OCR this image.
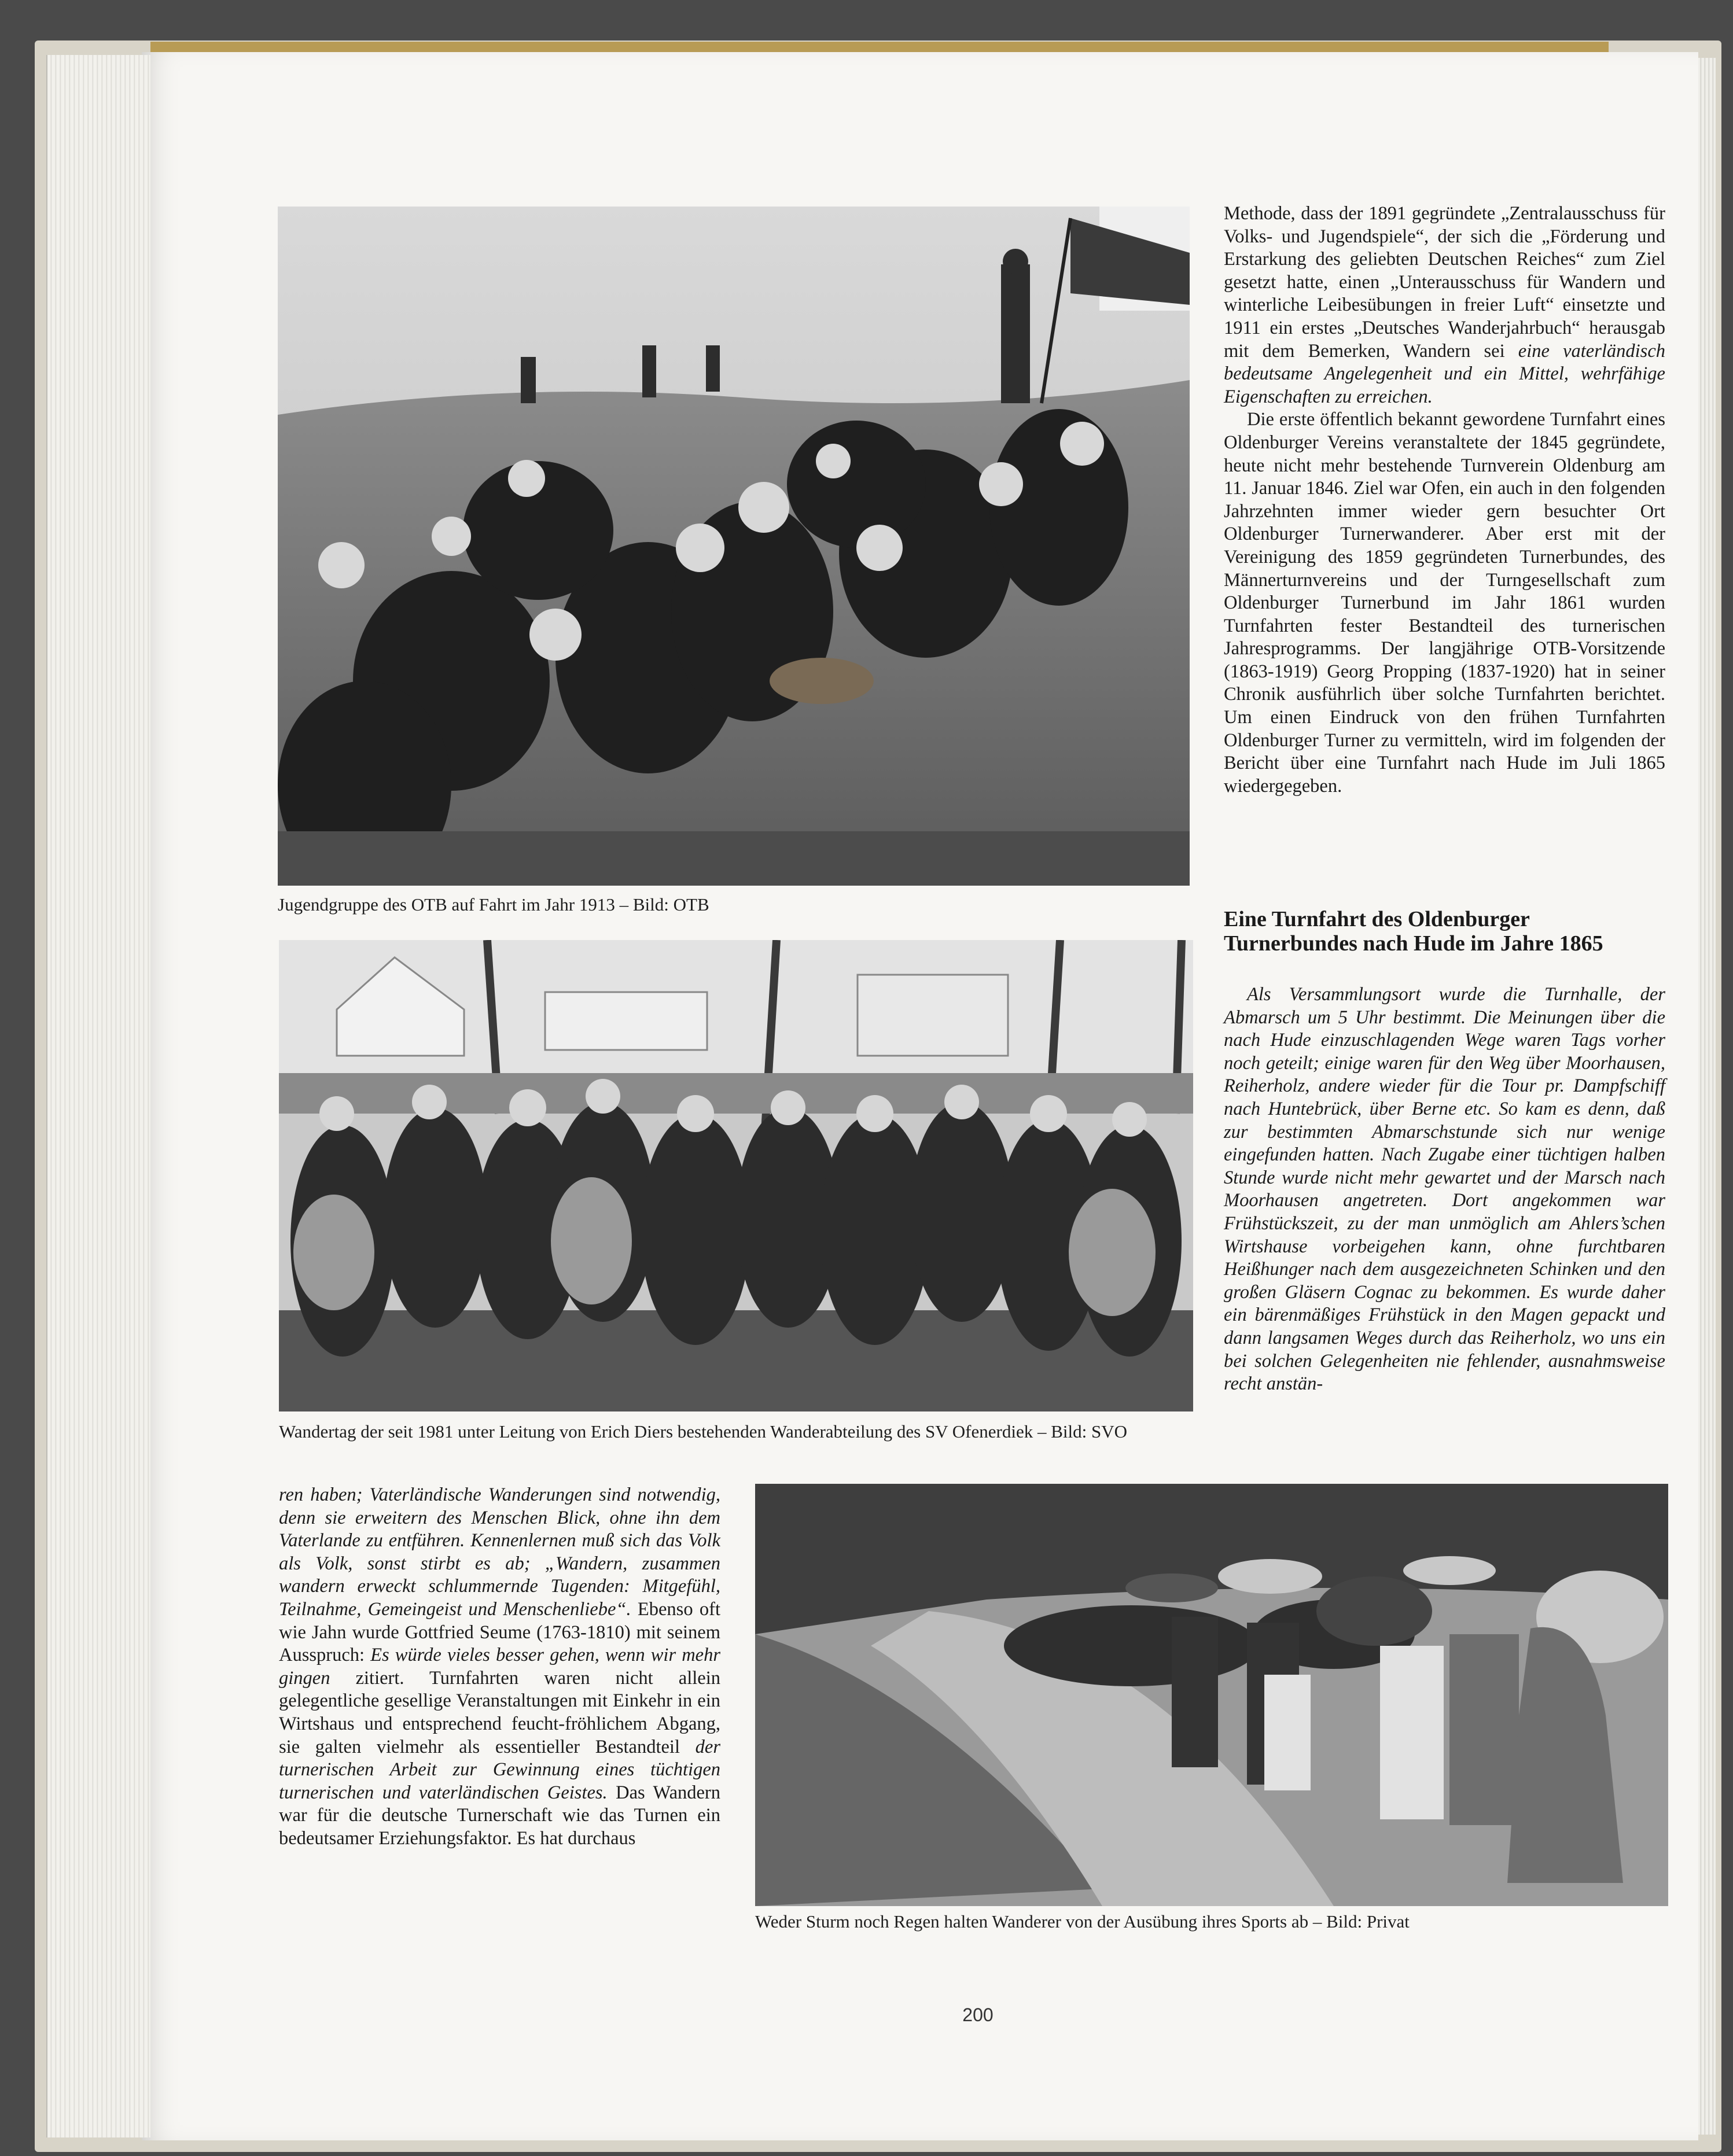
Jugendgruppe des OTB auf Fahrt im Jahr 1913 – Bild: OTB
Wandertag der seit 1981 unter Leitung von Erich Diers bestehenden Wanderabteilung des SV Ofenerdiek – Bild: SVO
Weder Sturm noch Regen halten Wanderer von der Ausübung ihres Sports ab – Bild: Privat

Methode, dass der 1891 gegründete „Zentralausschuss für Volks- und Jugendspiele“, der sich die „Förderung und Erstarkung des geliebten Deutschen Reiches“ zum Ziel gesetzt hatte, einen „Unterausschuss für Wandern und winterliche Leibesübungen in freier Luft“ einsetzte und 1911 ein erstes „Deutsches Wanderjahrbuch“ herausgab mit dem Bemerken, Wandern sei eine vaterländisch bedeutsame Angelegenheit und ein Mittel, wehrfähige Eigenschaften zu erreichen.

Die erste öffentlich bekannt gewordene Turnfahrt eines Oldenburger Vereins veranstaltete der 1845 gegründete, heute nicht mehr bestehende Turnverein Oldenburg am 11. Januar 1846. Ziel war Ofen, ein auch in den folgenden Jahrzehnten immer wieder gern besuchter Ort Oldenburger Turnerwanderer. Aber erst mit der Vereinigung des 1859 gegründeten Turnerbundes, des Männerturnvereins und der Turngesellschaft zum Oldenburger Turnerbund im Jahr 1861 wurden Turnfahrten fester Bestandteil des turnerischen Jahresprogramms. Der langjährige OTB-Vorsitzende (1863-1919) Georg Propping (1837-1920) hat in seiner Chronik ausführlich über solche Turnfahrten berichtet. Um einen Eindruck von den frühen Turnfahrten Oldenburger Turner zu vermitteln, wird im folgenden der Bericht über eine Turnfahrt nach Hude im Juli 1865 wiedergegeben.

Eine Turnfahrt des Oldenburger Turnerbundes nach Hude im Jahre 1865

Als Versammlungsort wurde die Turnhalle, der Abmarsch um 5 Uhr bestimmt. Die Meinungen über die nach Hude einzuschlagenden Wege waren Tags vorher noch geteilt; einige waren für den Weg über Moorhausen, Reiherholz, andere wieder für die Tour pr. Dampfschiff nach Huntebrück, über Berne etc. So kam es denn, daß zur bestimmten Abmarschstunde sich nur wenige eingefunden hatten. Nach Zugabe einer tüchtigen halben Stunde wurde nicht mehr gewartet und der Marsch nach Moorhausen angetreten. Dort angekommen war Frühstückszeit, zu der man unmöglich am Ahlers’schen Wirtshause vorbeigehen kann, ohne furchtbaren Heißhunger nach dem ausgezeichneten Schinken und den großen Gläsern Cognac zu bekommen. Es wurde daher ein bärenmäßiges Frühstück in den Magen gepackt und dann langsamen Weges durch das Reiherholz, wo uns ein bei solchen Gelegenheiten nie fehlender, ausnahmsweise recht anstän-

ren haben; Vaterländische Wanderungen sind notwendig, denn sie erweitern des Menschen Blick, ohne ihn dem Vaterlande zu entführen. Kennenlernen muß sich das Volk als Volk, sonst stirbt es ab; „Wandern, zusammen wandern erweckt schlummernde Tugenden: Mitgefühl, Teilnahme, Gemeingeist und Menschenliebe“. Ebenso oft wie Jahn wurde Gottfried Seume (1763-1810) mit seinem Ausspruch: Es würde vieles besser gehen, wenn wir mehr gingen zitiert. Turnfahrten waren nicht allein gelegentliche gesellige Veranstaltungen mit Einkehr in ein Wirtshaus und entsprechend feucht-fröhlichem Abgang, sie galten vielmehr als essentieller Bestandteil der turnerischen Arbeit zur Gewinnung eines tüchtigen turnerischen und vaterländischen Geistes. Das Wandern war für die deutsche Turnerschaft wie das Turnen ein bedeutsamer Erziehungsfaktor. Es hat durchaus

200
